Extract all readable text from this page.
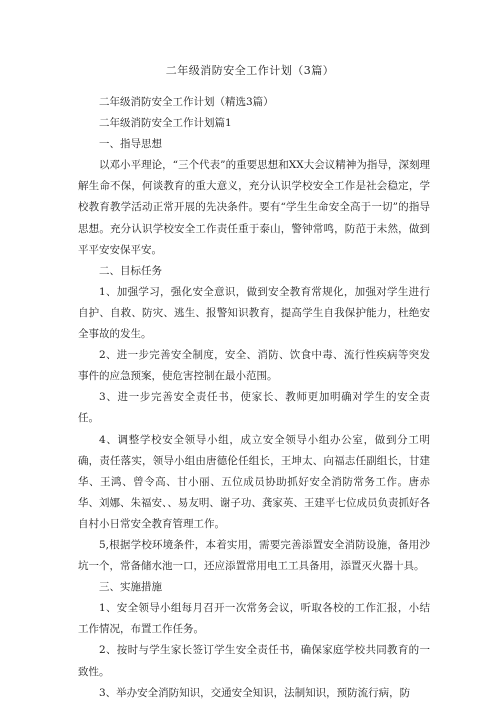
二年级消防安全工作计划（3篇）

二年级消防安全工作计划（精选3篇）

二年级消防安全工作计划篇1

一、指导思想

以邓小平理论，“三个代表”的重要思想和XX大会议精神为指导，深刻理解生命不保，何谈教育的重大意义，充分认识学校安全工作是社会稳定，学校教育教学活动正常开展的先决条件。要有“学生生命安全高于一切”的指导思想。充分认识学校安全工作责任重于泰山，警钟常鸣，防范于未然，做到平平安安保平安。

二、目标任务

1、加强学习，强化安全意识，做到安全教育常规化，加强对学生进行自护、自救、防灾、逃生、报警知识教育，提高学生自我保护能力，杜绝安全事故的发生。

2、进一步完善安全制度，安全、消防、饮食中毒、流行性疾病等突发事件的应急预案，使危害控制在最小范围。

3、进一步完善安全责任书，使家长、教师更加明确对学生的安全责任。

4、调整学校安全领导小组，成立安全领导小组办公室，做到分工明确，责任落实，领导小组由唐德伦任组长，王坤太、向福志任副组长，甘建华、王鸿、曾令高、甘小丽、五位成员协助抓好安全消防常务工作。唐赤华、刘娜、朱福安、、易友明、谢子功、龚家英、王建平七位成员负责抓好各自村小日常安全教育管理工作。

5,根据学校环境条件，本着实用，需要完善添置安全消防设施，备用沙坑一个，常备储水池一口，还应添置常用电工工具备用，添置灭火器十具。

三、实施措施

1、安全领导小组每月召开一次常务会议，听取各校的工作汇报，小结工作情况，布置工作任务。

2、按时与学生家长签订学生安全责任书，确保家庭学校共同教育的一致性。

3、举办安全消防知识，交通安全知识，法制知识，预防流行病，防
